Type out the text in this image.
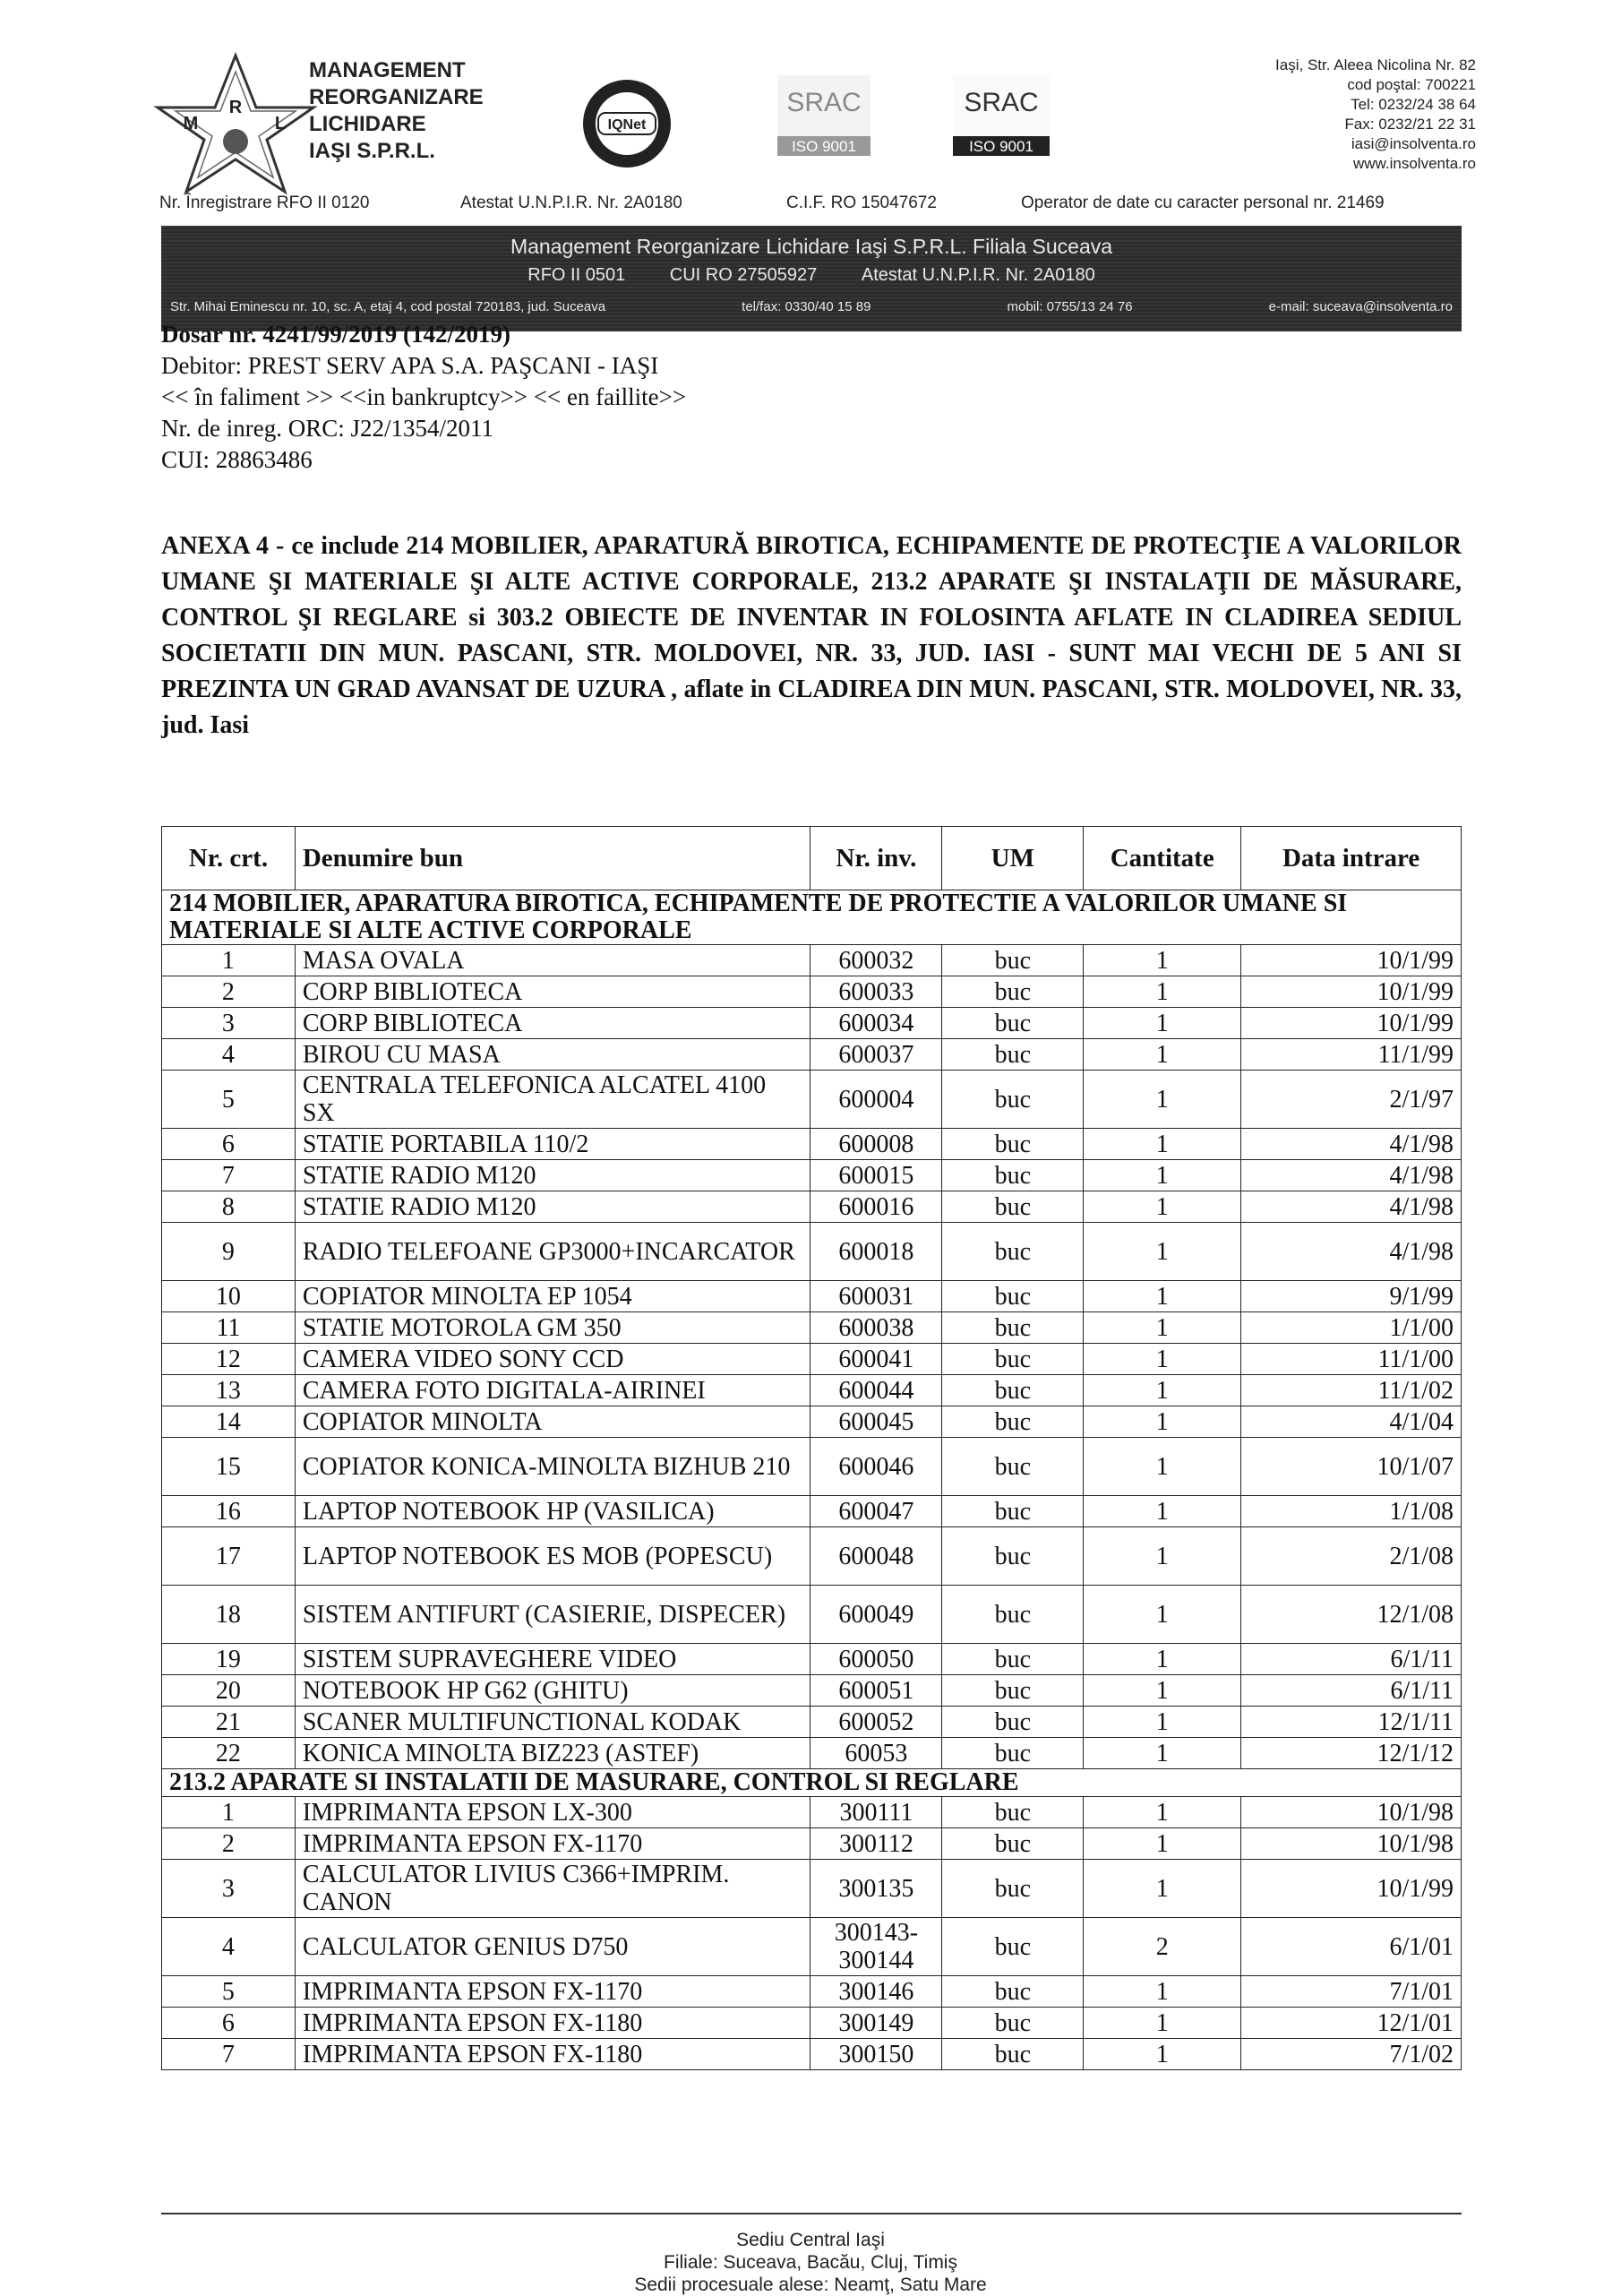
R
M	L
MANAGEMENT
REORGANIZARE
LICHIDARE
IAŞI S.P.R.L.
IQNet
SRAC
ISO 9001
SRAC
ISO 9001
Iaşi, Str. Aleea Nicolina Nr. 82
cod poştal: 700221
Tel: 0232/24 38 64
Fax: 0232/21 22 31
iasi@insolventa.ro
www.insolventa.ro
Nr. Înregistrare RFO II 0120	Atestat U.N.P.I.R. Nr. 2A0180	C.I.F. RO 15047672	Operator de date cu caracter personal nr. 21469
Management Reorganizare Lichidare Iaşi S.P.R.L. Filiala Suceava
RFO II 0501 CUI RO 27505927 Atestat U.N.P.I.R. Nr. 2A0180
Str. Mihai Eminescu nr. 10, sc. A, etaj 4, cod postal 720183, jud. Suceava	tel/fax: 0330/40 15 89	mobil: 0755/13 24 76	e-mail: suceava@insolventa.ro
Dosar nr. 4241/99/2019 (142/2019)
Debitor: PREST SERV APA S.A. PAŞCANI - IAŞI
<< în faliment >> <<in bankruptcy>> << en faillite>>
Nr. de inreg. ORC: J22/1354/2011
CUI: 28863486
ANEXA 4 - ce include 214 MOBILIER, APARATURĂ BIROTICA, ECHIPAMENTE DE PROTECŢIE A VALORILOR UMANE ŞI MATERIALE ŞI ALTE ACTIVE CORPORALE, 213.2 APARATE ŞI INSTALAŢII DE MĂSURARE, CONTROL ŞI REGLARE si 303.2 OBIECTE DE INVENTAR IN FOLOSINTA AFLATE IN CLADIREA SEDIUL SOCIETATII DIN MUN. PASCANI, STR. MOLDOVEI, NR. 33, JUD. IASI - SUNT MAI VECHI DE 5 ANI SI PREZINTA UN GRAD AVANSAT DE UZURA , aflate in CLADIREA DIN MUN. PASCANI, STR. MOLDOVEI, NR. 33, jud. Iasi
Nr. crt.	Denumire bun	Nr. inv.	UM	Cantitate	Data intrare
214 MOBILIER, APARATURA BIROTICA, ECHIPAMENTE DE PROTECTIE A VALORILOR UMANE SI MATERIALE SI ALTE ACTIVE CORPORALE					
1	MASA OVALA	600032	buc	1	10/1/99
2	CORP BIBLIOTECA	600033	buc	1	10/1/99
3	CORP BIBLIOTECA	600034	buc	1	10/1/99
4	BIROU CU MASA	600037	buc	1	11/1/99
5	CENTRALA TELEFONICA ALCATEL 4100 SX	600004	buc	1	2/1/97
6	STATIE PORTABILA 110/2	600008	buc	1	4/1/98
7	STATIE RADIO M120	600015	buc	1	4/1/98
8	STATIE RADIO M120	600016	buc	1	4/1/98
9	RADIO TELEFOANE GP3000+INCARCATOR	600018	buc	1	4/1/98
10	COPIATOR MINOLTA EP 1054	600031	buc	1	9/1/99
11	STATIE MOTOROLA GM 350	600038	buc	1	1/1/00
12	CAMERA VIDEO SONY CCD	600041	buc	1	11/1/00
13	CAMERA FOTO DIGITALA-AIRINEI	600044	buc	1	11/1/02
14	COPIATOR MINOLTA	600045	buc	1	4/1/04
15	COPIATOR KONICA-MINOLTA BIZHUB 210	600046	buc	1	10/1/07
16	LAPTOP NOTEBOOK HP (VASILICA)	600047	buc	1	1/1/08
17	LAPTOP NOTEBOOK ES MOB (POPESCU)	600048	buc	1	2/1/08
18	SISTEM ANTIFURT (CASIERIE, DISPECER)	600049	buc	1	12/1/08
19	SISTEM SUPRAVEGHERE VIDEO	600050	buc	1	6/1/11
20	NOTEBOOK HP G62 (GHITU)	600051	buc	1	6/1/11
21	SCANER MULTIFUNCTIONAL KODAK	600052	buc	1	12/1/11
22	KONICA MINOLTA BIZ223 (ASTEF)	60053	buc	1	12/1/12
213.2 APARATE SI INSTALATII DE MASURARE, CONTROL SI REGLARE					
1	IMPRIMANTA EPSON LX-300	300111	buc	1	10/1/98
2	IMPRIMANTA EPSON FX-1170	300112	buc	1	10/1/98
3	CALCULATOR LIVIUS C366+IMPRIM. CANON	300135	buc	1	10/1/99
4	CALCULATOR GENIUS D750	300143-300144	buc	2	6/1/01
5	IMPRIMANTA EPSON FX-1170	300146	buc	1	7/1/01
6	IMPRIMANTA EPSON FX-1180	300149	buc	1	12/1/01
7	IMPRIMANTA EPSON FX-1180	300150	buc	1	7/1/02
Sediu Central Iaşi
Filiale: Suceava, Bacău, Cluj, Timiş
Sedii procesuale alese: Neamţ, Satu Mare
